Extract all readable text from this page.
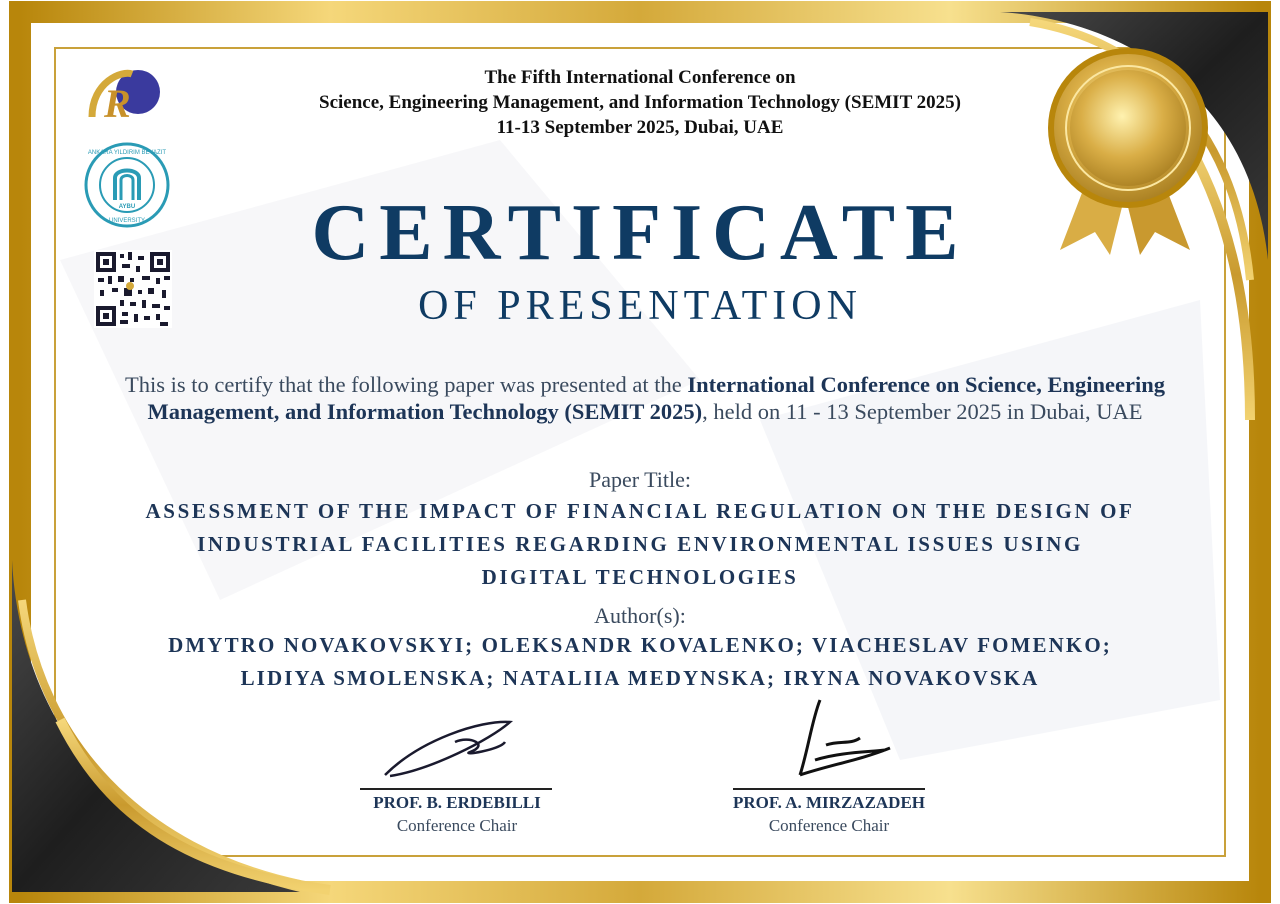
R
AYBU
ANKARA YILDIRIM BEYAZIT
UNIVERSITY
The Fifth International Conference on
Science, Engineering Management, and Information Technology (SEMIT 2025)
11-13 September 2025, Dubai, UAE
CERTIFICATE
OF PRESENTATION
This is to certify that the following paper was presented at the International Conference on Science, Engineering Management, and Information Technology (SEMIT 2025), held on 11 - 13 September 2025 in Dubai, UAE
Paper Title:
ASSESSMENT OF THE IMPACT OF FINANCIAL REGULATION ON THE DESIGN OF
INDUSTRIAL FACILITIES REGARDING ENVIRONMENTAL ISSUES USING
DIGITAL TECHNOLOGIES
Author(s):
DMYTRO NOVAKOVSKYI; OLEKSANDR KOVALENKO; VIACHESLAV FOMENKO;
LIDIYA SMOLENSKA; NATALIIA MEDYNSKA; IRYNA NOVAKOVSKA
PROF. B. ERDEBILLI
Conference Chair
PROF. A. MIRZAZADEH
Conference Chair
